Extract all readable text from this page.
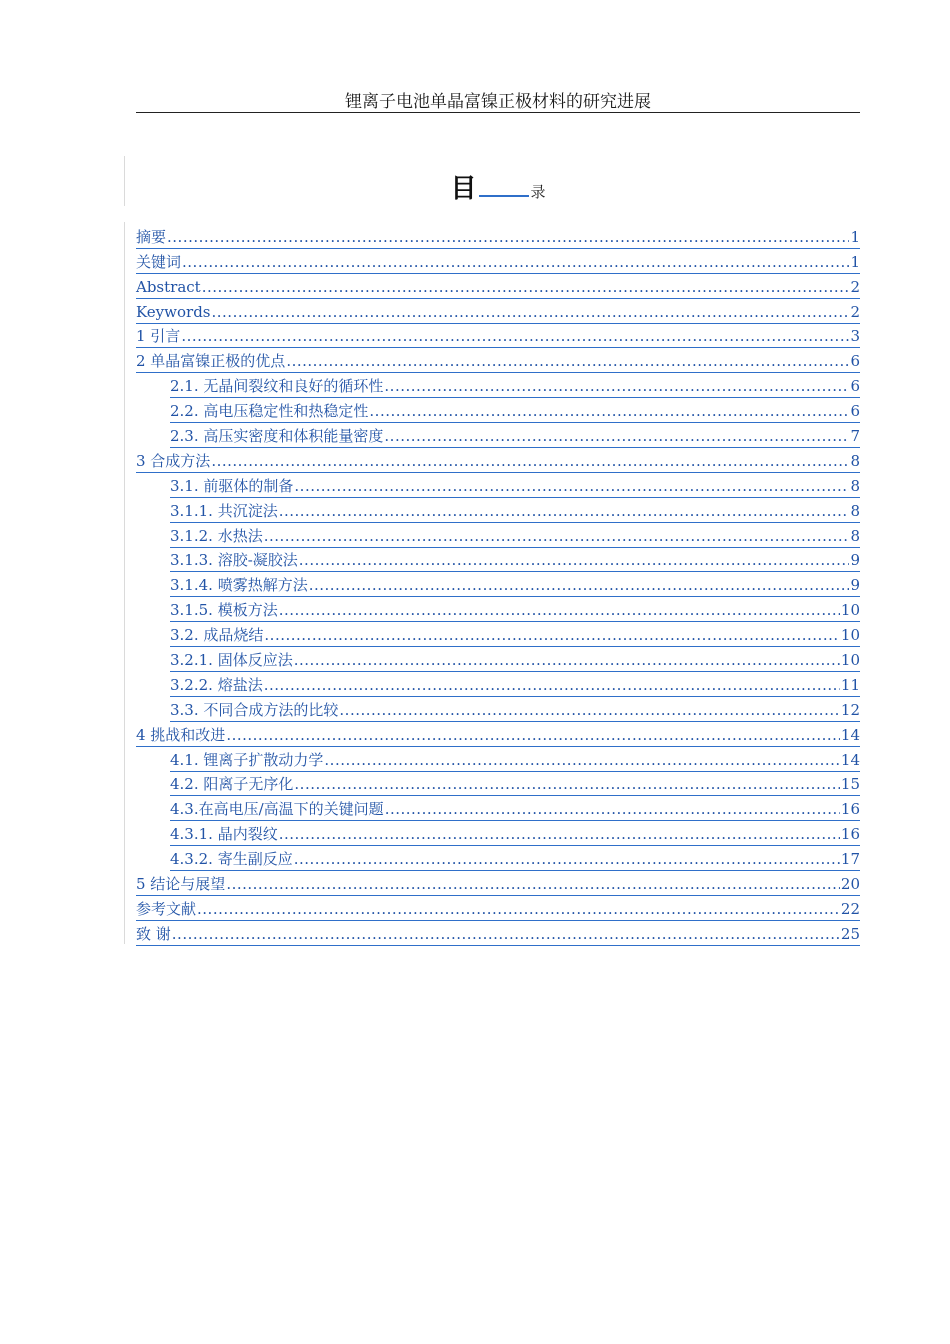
锂离子电池单晶富镍正极材料的研究进展
目	录
摘要 .....	1
关键词 .....	1
Abstract .....	2
Keywords .....	2
1 引言 .....	3
2 单晶富镍正极的优点 .....	6
2.1. 无晶间裂纹和良好的循环性 .....	6
2.2. 高电压稳定性和热稳定性 .....	6
2.3. 高压实密度和体积能量密度 .....	7
3 合成方法 .....	8
3.1. 前驱体的制备 .....	8
3.1.1. 共沉淀法 .....	8
3.1.2. 水热法 .....	8
3.1.3. 溶胶-凝胶法 .....	9
3.1.4. 喷雾热解方法 .....	9
3.1.5. 模板方法 .....	10
3.2. 成品烧结 .....	10
3.2.1. 固体反应法 .....	10
3.2.2. 熔盐法 .....	11
3.3. 不同合成方法的比较 .....	12
4 挑战和改进 .....	14
4.1. 锂离子扩散动力学 .....	14
4.2. 阳离子无序化 .....	15
4.3.在高电压/高温下的关键问题 .....	16
4.3.1. 晶内裂纹 .....	16
4.3.2. 寄生副反应 .....	17
5 结论与展望 .....	20
参考文献 .....	22
致 谢 .....	25
